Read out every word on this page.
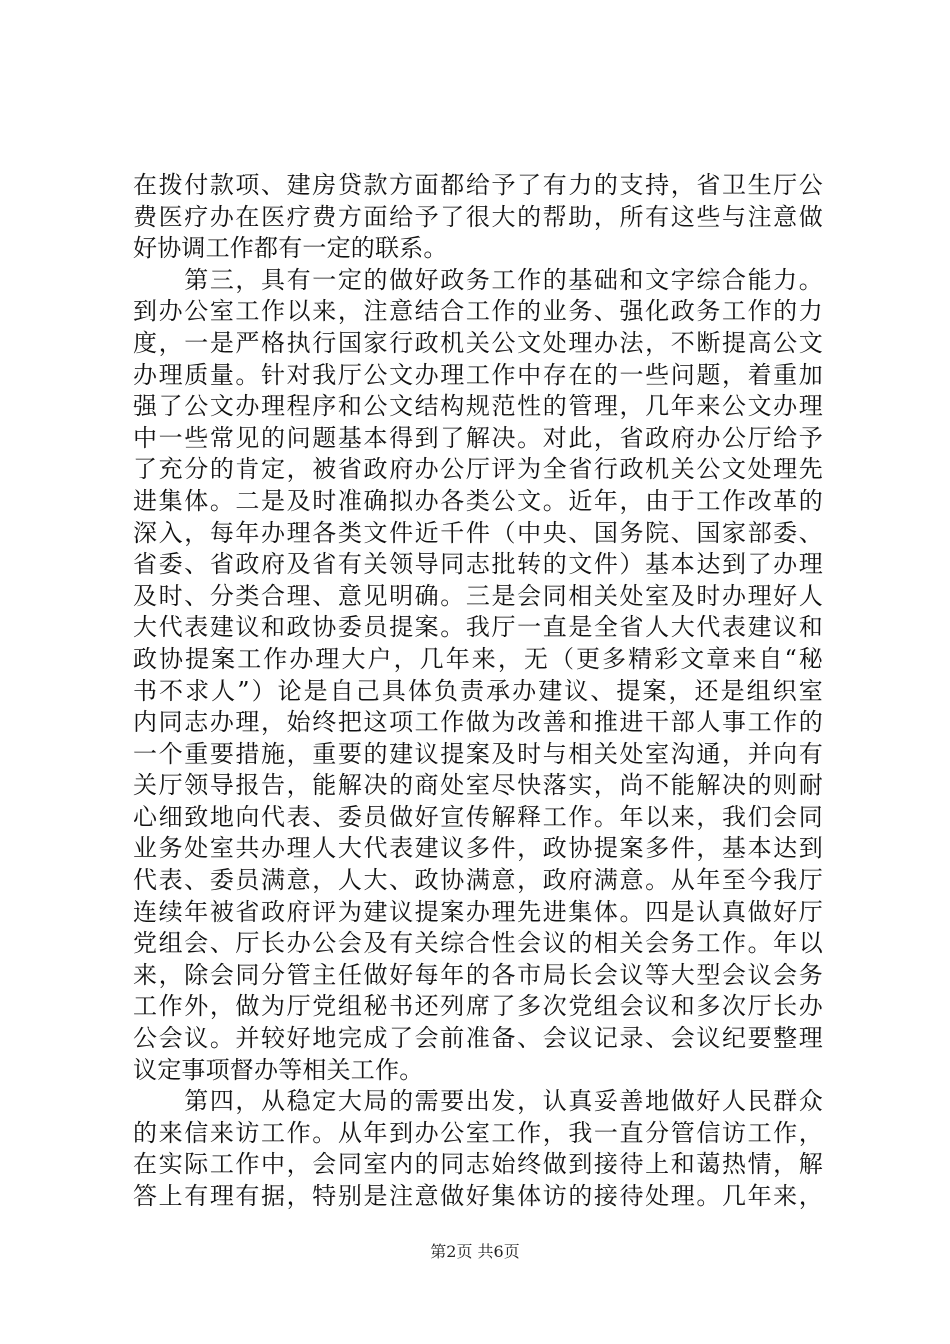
在拨付款项、建房贷款方面都给予了有力的支持，省卫生厅公
费医疗办在医疗费方面给予了很大的帮助，所有这些与注意做
好协调工作都有一定的联系。
　　第三，具有一定的做好政务工作的基础和文字综合能力。
到办公室工作以来，注意结合工作的业务、强化政务工作的力
度，一是严格执行国家行政机关公文处理办法，不断提高公文
办理质量。针对我厅公文办理工作中存在的一些问题，着重加
强了公文办理程序和公文结构规范性的管理，几年来公文办理
中一些常见的问题基本得到了解决。对此，省政府办公厅给予
了充分的肯定，被省政府办公厅评为全省行政机关公文处理先
进集体。二是及时准确拟办各类公文。近年，由于工作改革的
深入，每年办理各类文件近千件（中央、国务院、国家部委、
省委、省政府及省有关领导同志批转的文件）基本达到了办理
及时、分类合理、意见明确。三是会同相关处室及时办理好人
大代表建议和政协委员提案。我厅一直是全省人大代表建议和
政协提案工作办理大户，几年来，无（更多精彩文章来自“秘
书不求人”）论是自己具体负责承办建议、提案，还是组织室
内同志办理，始终把这项工作做为改善和推进干部人事工作的
一个重要措施，重要的建议提案及时与相关处室沟通，并向有
关厅领导报告，能解决的商处室尽快落实，尚不能解决的则耐
心细致地向代表、委员做好宣传解释工作。年以来，我们会同
业务处室共办理人大代表建议多件，政协提案多件，基本达到
代表、委员满意，人大、政协满意，政府满意。从年至今我厅
连续年被省政府评为建议提案办理先进集体。四是认真做好厅
党组会、厅长办公会及有关综合性会议的相关会务工作。年以
来，除会同分管主任做好每年的各市局长会议等大型会议会务
工作外，做为厅党组秘书还列席了多次党组会议和多次厅长办
公会议。并较好地完成了会前准备、会议记录、会议纪要整理
议定事项督办等相关工作。
　　第四，从稳定大局的需要出发，认真妥善地做好人民群众
的来信来访工作。从年到办公室工作，我一直分管信访工作，
在实际工作中，会同室内的同志始终做到接待上和蔼热情，解
答上有理有据，特别是注意做好集体访的接待处理。几年来，
第2页 共6页
